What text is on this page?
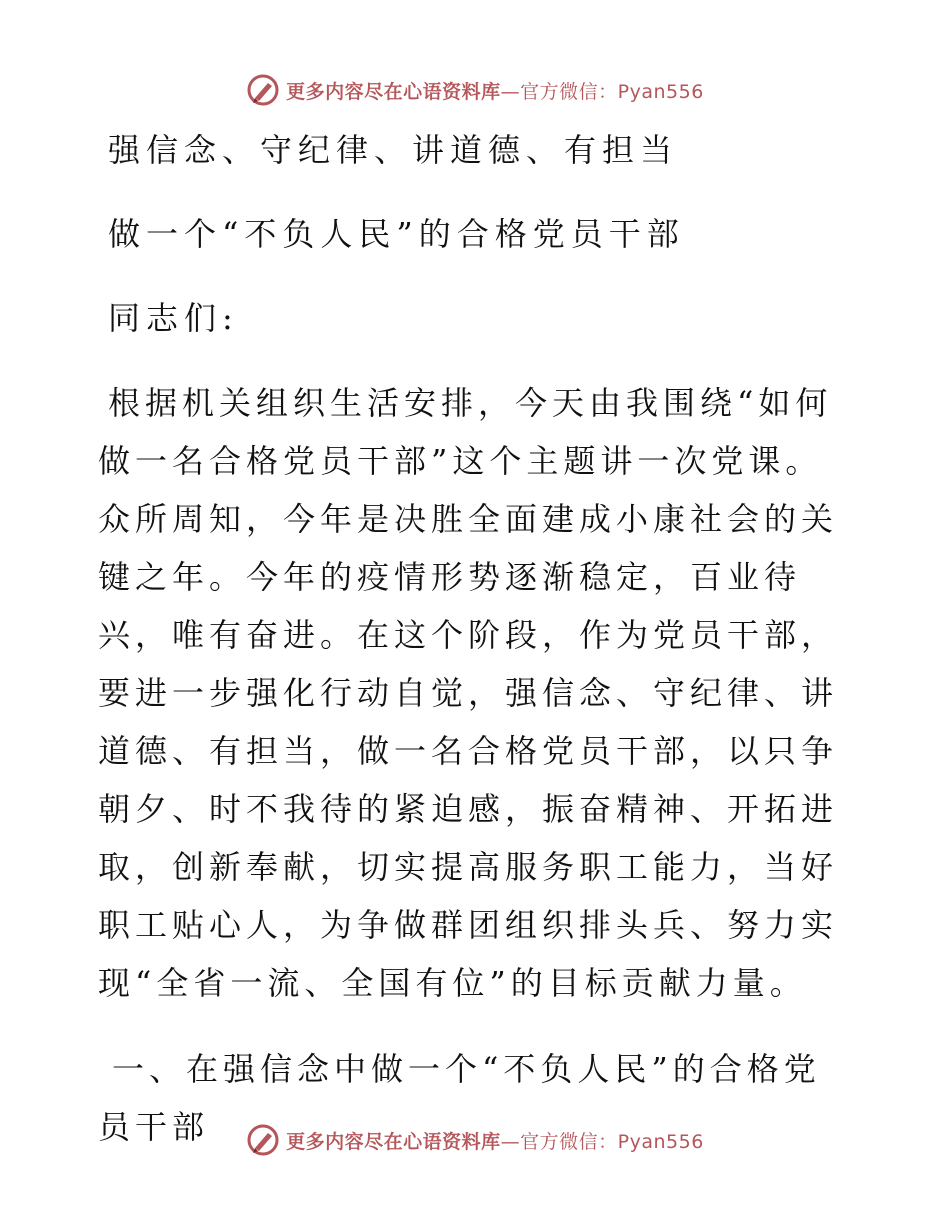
更多内容尽在心语资料库—官方微信：Pyan556
强信念、守纪律、讲道德、有担当
做一个“不负人民”的合格党员干部
同志们:

根据机关组织生活安排，今天由我围绕“如何做一名合格党员干部”这个主题讲一次党课。众所周知，今年是决胜全面建成小康社会的关键之年。今年的疫情形势逐渐稳定，百业待兴，唯有奋进。在这个阶段，作为党员干部，要进一步强化行动自觉，强信念、守纪律、讲道德、有担当，做一名合格党员干部，以只争朝夕、时不我待的紧迫感，振奋精神、开拓进取，创新奉献，切实提高服务职工能力，当好职工贴心人，为争做群团组织排头兵、努力实现“全省一流、全国有位”的目标贡献力量。

一、在强信念中做一个“不负人民”的合格党员干部	更多内容尽在心语资料库—官方微信：Pyan556
